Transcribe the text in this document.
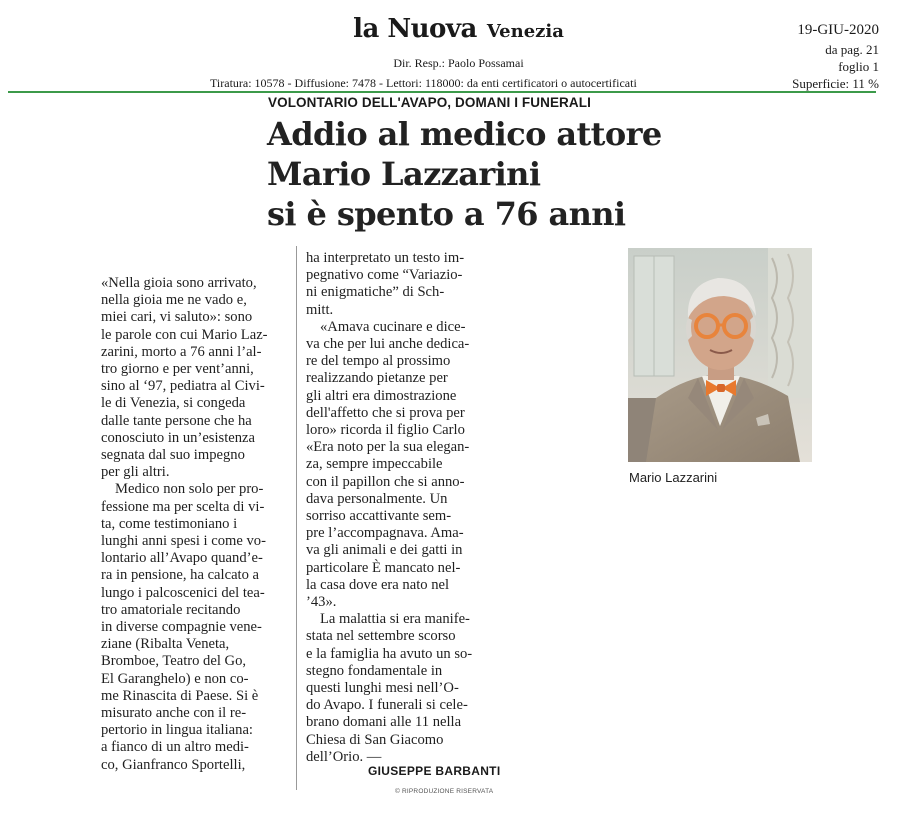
la Nuova Venezia
Dir. Resp.: Paolo Possamai
Tiratura: 10578 - Diffusione: 7478 - Lettori: 118000: da enti certificatori o autocertificati
19-GIU-2020
da pag. 21
foglio 1
Superficie: 11 %
VOLONTARIO DELL'AVAPO, DOMANI I FUNERALI
Addio al medico attore
Mario Lazzarini
si è spento a 76 anni
«Nella gioia sono arrivato,
nella gioia me ne vado e,
miei cari, vi saluto»: sono
le parole con cui Mario Laz-
zarini, morto a 76 anni l’al-
tro giorno e per vent’anni,
sino al ‘97, pediatra al Civi-
le di Venezia, si congeda
dalle tante persone che ha
conosciuto in un’esistenza
segnata dal suo impegno
per gli altri.
Medico non solo per pro-
fessione ma per scelta di vi-
ta, come testimoniano i
lunghi anni spesi i come vo-
lontario all’Avapo quand’e-
ra in pensione, ha calcato a
lungo i palcoscenici del tea-
tro amatoriale recitando
in diverse compagnie vene-
ziane (Ribalta Veneta,
Bromboe, Teatro del Go,
El Garanghelo) e non co-
me Rinascita di Paese. Si è
misurato anche con il re-
pertorio in lingua italiana:
a fianco di un altro medi-
co, Gianfranco Sportelli,
ha interpretato un testo im-
pegnativo come “Variazio-
ni enigmatiche” di Sch-
mitt.
«Amava cucinare e dice-
va che per lui anche dedica-
re del tempo al prossimo
realizzando pietanze per
gli altri era dimostrazione
dell'affetto che si prova per
loro» ricorda il figlio Carlo
«Era noto per la sua elegan-
za, sempre impeccabile
con il papillon che si anno-
dava personalmente. Un
sorriso accattivante sem-
pre l’accompagnava. Ama-
va gli animali e dei gatti in
particolare È mancato nel-
la casa dove era nato nel
’43».
La malattia si era manife-
stata nel settembre scorso
e la famiglia ha avuto un so-
stegno fondamentale in
questi lunghi mesi nell’O-
do Avapo. I funerali si cele-
brano domani alle 11 nella
Chiesa di San Giacomo
dell’Orio. —
GIUSEPPE BARBANTI
© RIPRODUZIONE RISERVATA
Mario Lazzarini
